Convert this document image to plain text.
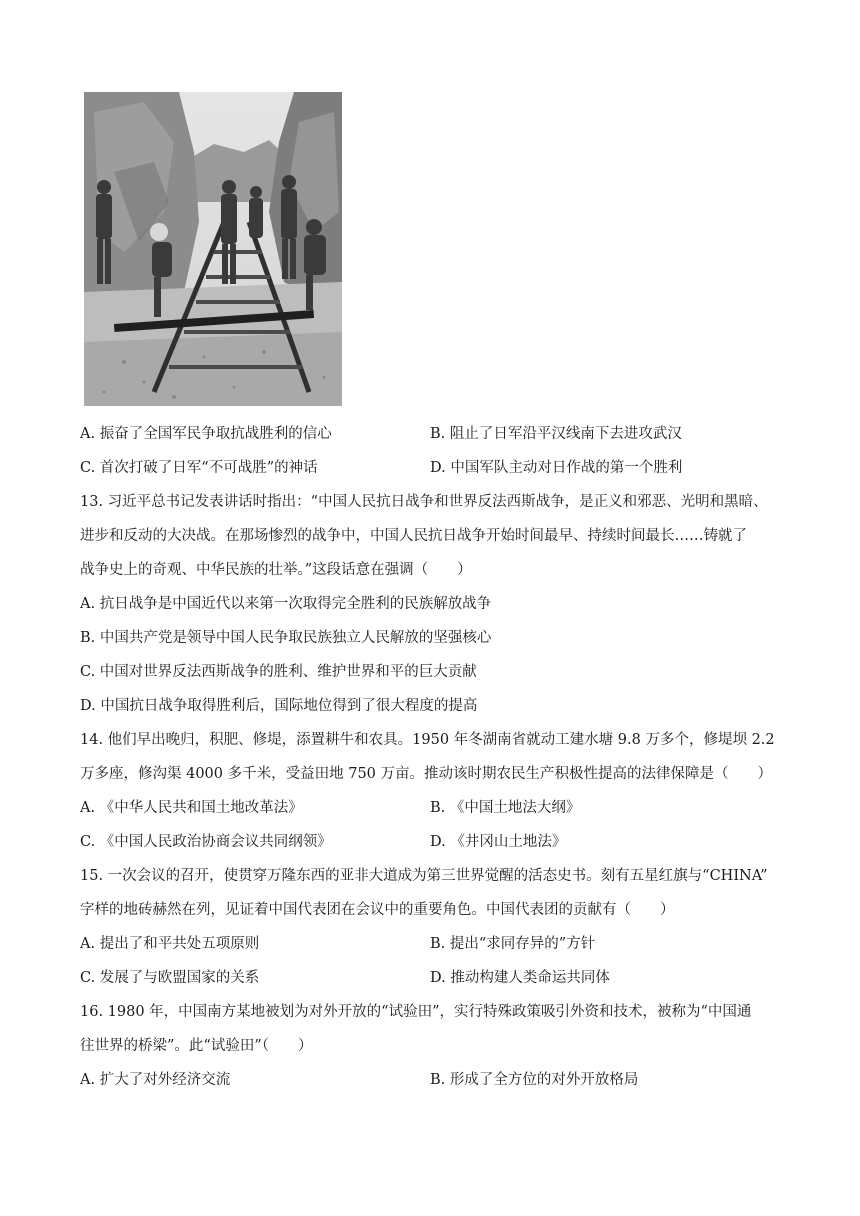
A. 振奋了全国军民争取抗战胜利的信心	B. 阻止了日军沿平汉线南下去进攻武汉
C. 首次打破了日军“不可战胜”的神话	D. 中国军队主动对日作战的第一个胜利
13. 习近平总书记发表讲话时指出：“中国人民抗日战争和世界反法西斯战争，是正义和邪恶、光明和黑暗、
进步和反动的大决战。在那场惨烈的战争中，中国人民抗日战争开始时间最早、持续时间最长……铸就了
战争史上的奇观、中华民族的壮举。”这段话意在强调（　　）
A. 抗日战争是中国近代以来第一次取得完全胜利的民族解放战争
B. 中国共产党是领导中国人民争取民族独立人民解放的坚强核心
C. 中国对世界反法西斯战争的胜利、维护世界和平的巨大贡献
D. 中国抗日战争取得胜利后，国际地位得到了很大程度的提高
14. 他们早出晚归，积肥、修堤，添置耕牛和农具。1950 年冬湖南省就动工建水塘 9.8 万多个，修堤坝 2.2
万多座，修沟渠 4000 多千米，受益田地 750 万亩。推动该时期农民生产积极性提高的法律保障是（　　）
A. 《中华人民共和国土地改革法》	B. 《中国土地法大纲》
C. 《中国人民政治协商会议共同纲领》	D. 《井冈山土地法》
15. 一次会议的召开，使贯穿万隆东西的亚非大道成为第三世界觉醒的活态史书。刻有五星红旗与“CHINA”
字样的地砖赫然在列，见证着中国代表团在会议中的重要角色。中国代表团的贡献有（　　）
A. 提出了和平共处五项原则	B. 提出“求同存异的”方针
C. 发展了与欧盟国家的关系	D. 推动构建人类命运共同体
16. 1980 年，中国南方某地被划为对外开放的“试验田”，实行特殊政策吸引外资和技术，被称为“中国通
往世界的桥梁”。此“试验田”（　　）
A. 扩大了对外经济交流	B. 形成了全方位的对外开放格局
